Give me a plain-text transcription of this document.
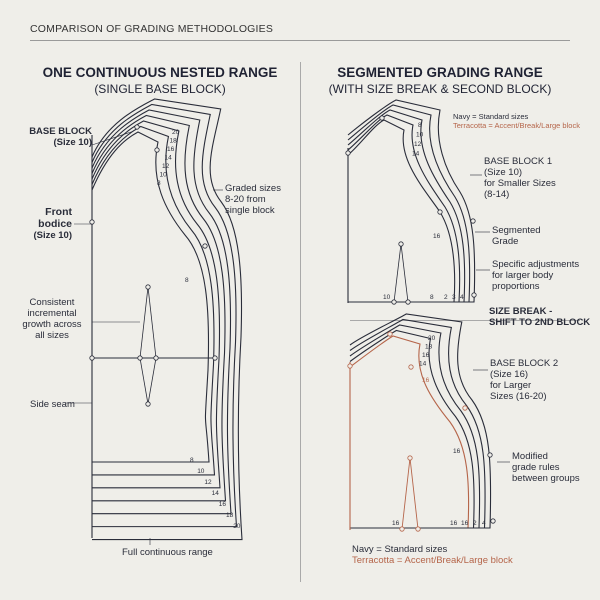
COMPARISON OF GRADING METHODOLOGIES
ONE CONTINUOUS NESTED RANGE
(SINGLE BASE BLOCK)
BASE BLOCK
(Size 10)
Front
bodice
(Size 10)
Consistent
incremental
growth across
all sizes
Side seam
Graded sizes
8-20 from
single block
Full continuous range
SEGMENTED GRADING RANGE
(WITH SIZE BREAK & SECOND BLOCK)
Navy = Standard sizes
Terracotta = Accent/Break/Large block
BASE BLOCK 1
(Size 10)
for Smaller Sizes
(8-14)
Segmented
Grade
Specific adjustments
for larger body
proportions
SIZE BREAK -
SHIFT TO 2ND BLOCK
BASE BLOCK 2
(Size 16)
for Larger
Sizes (16-20)
Modified
grade rules
between groups
Navy = Standard sizes
Terracotta = Accent/Break/Large block
20
18
16
14
12
10
8
8
8
10
12
14
16
18
20
8
10
12
14
16
10	8 2 3 4
20
18
16
14
16
16
16	16 16 2 4
